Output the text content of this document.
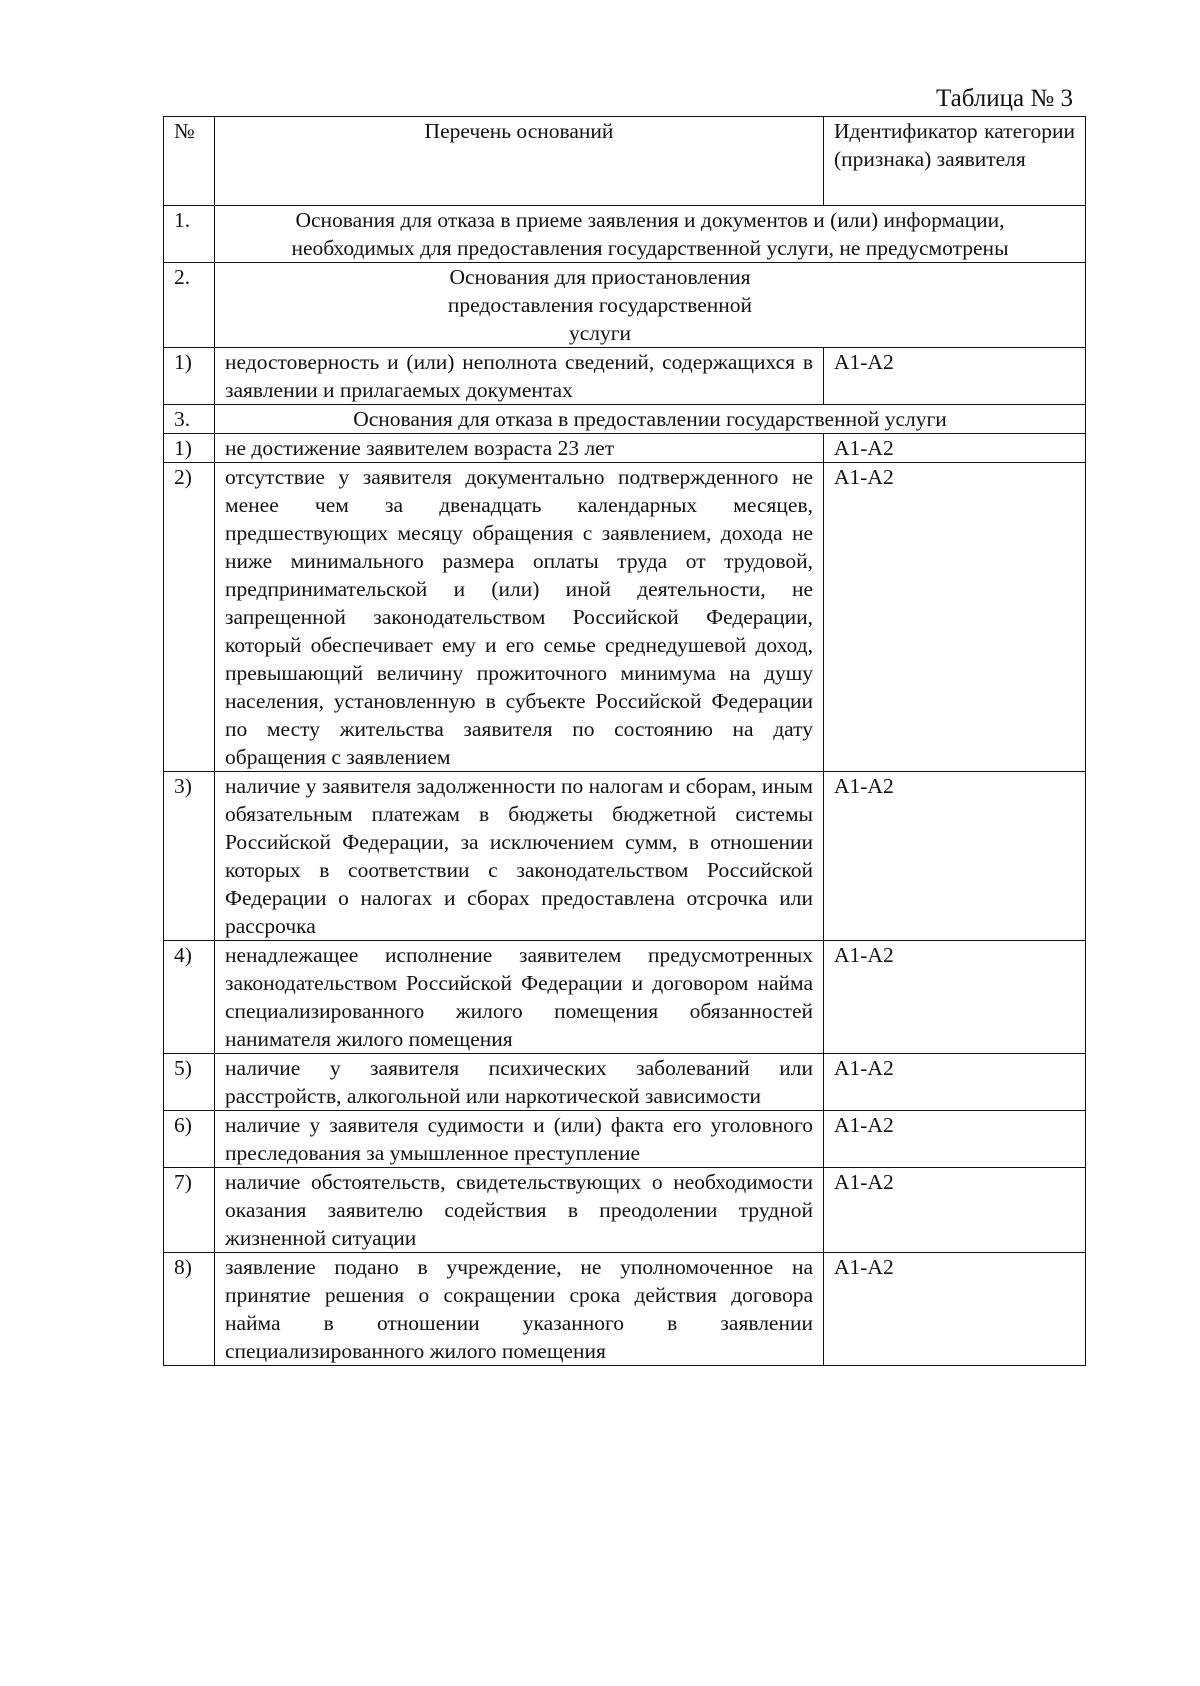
Таблица № 3
№	Перечень оснований	Идентификатор категории (признака) заявителя
1.	Основания для отказа в приеме заявления и документов и (или) информации, необходимых для предоставления государственной услуги, не предусмотрены	
2.	Основания для приостановления предоставления государственной услуги	
1)	недостоверность и (или) неполнота сведений, содержащихся в заявлении и прилагаемых документах	А1-А2
3.	Основания для отказа в предоставлении государственной услуги	
1)	не достижение заявителем возраста 23 лет	А1-А2
2)	отсутствие у заявителя документально подтвержденного не менее чем за двенадцать календарных месяцев, предшествующих месяцу обращения с заявлением, дохода не ниже минимального размера оплаты труда от трудовой, предпринимательской и (или) иной деятельности, не запрещенной законодательством Российской Федерации, который обеспечивает ему и его семье среднедушевой доход, превышающий величину прожиточного минимума на душу населения, установленную в субъекте Российской Федерации по месту жительства заявителя по состоянию на дату обращения с заявлением	А1-А2
3)	наличие у заявителя задолженности по налогам и сборам, иным обязательным платежам в бюджеты бюджетной системы Российской Федерации, за исключением сумм, в отношении которых в соответствии с законодательством Российской Федерации о налогах и сборах предоставлена отсрочка или рассрочка	А1-А2
4)	ненадлежащее исполнение заявителем предусмотренных законодательством Российской Федерации и договором найма специализированного жилого помещения обязанностей нанимателя жилого помещения	А1-А2
5)	наличие у заявителя психических заболеваний или расстройств, алкогольной или наркотической зависимости	А1-А2
6)	наличие у заявителя судимости и (или) факта его уголовного преследования за умышленное преступление	А1-А2
7)	наличие обстоятельств, свидетельствующих о необходимости оказания заявителю содействия в преодолении трудной жизненной ситуации	А1-А2
8)	заявление подано в учреждение, не уполномоченное на принятие решения о сокращении срока действия договора найма в отношении указанного в заявлении специализированного жилого помещения	А1-А2
